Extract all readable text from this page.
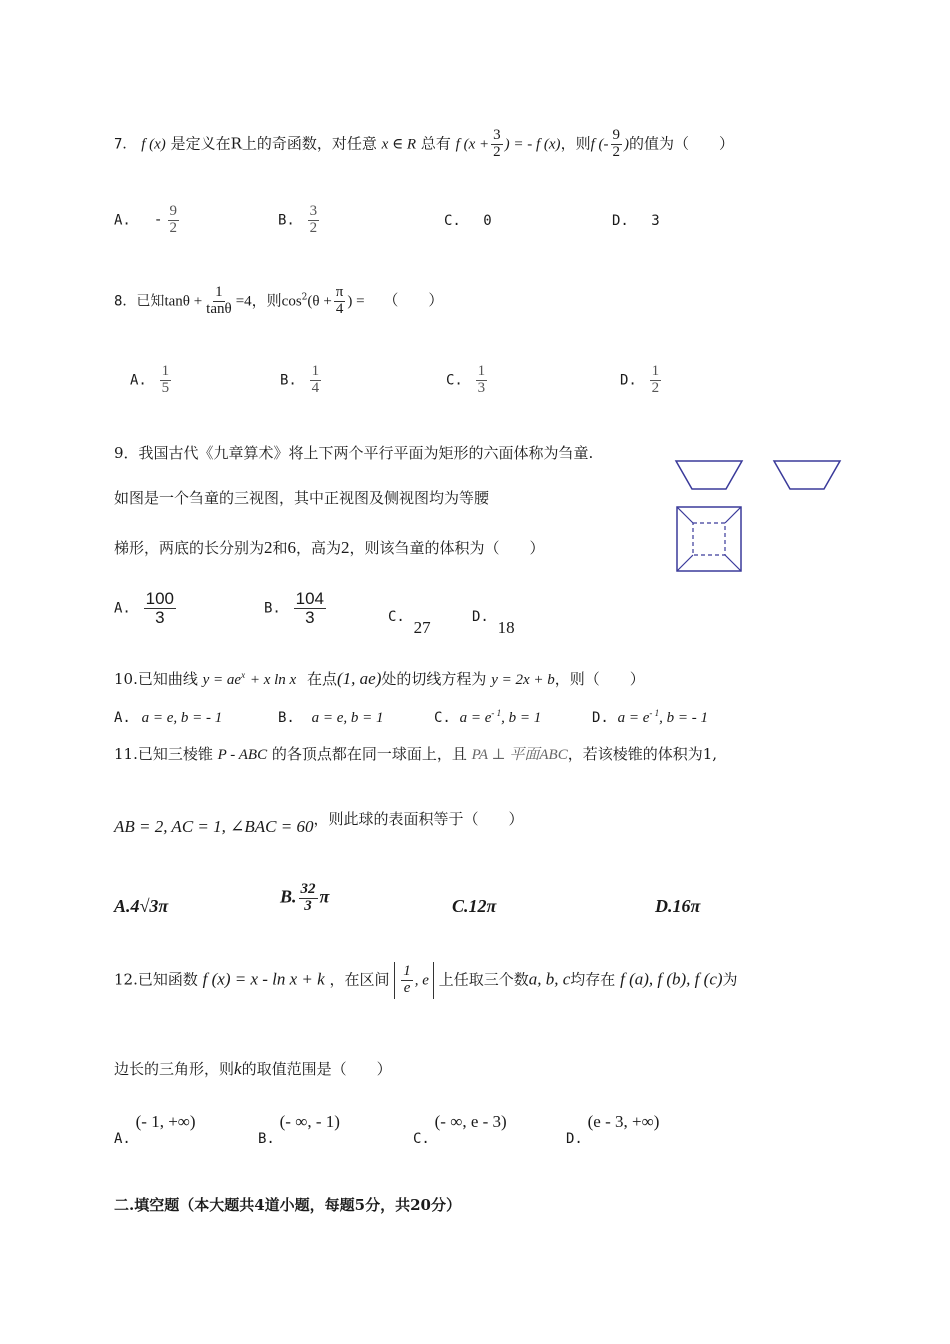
7． f (x) 是定义在R上的奇函数，对任意 x ∈ R 总有 f ($x + \frac{3}{2}$ ) = - f (x)，则f (- $\frac{9}{2}$ )的值为（　　）
A. - $\frac{9}{2}$	B. $\frac{3}{2}$	C. 0	D. 3
8．已知$\tan\theta + \frac{1}{\tan\theta} =4$，则$\cos^2(\theta + \frac{\pi}{4}$ ) = （　　）
A. $\frac{1}{5}$	B. $\frac{1}{4}$	C. $\frac{1}{3}$	D. $\frac{1}{2}$
9．我国古代《九章算术》将上下两个平行平面为矩形的六面体称为刍童.
如图是一个刍童的三视图，其中正视图及侧视图均为等腰
梯形，两底的长分别为2和6，高为2，则该刍童的体积为（　　）
A. $\frac{100}{3}$	B. $\frac{104}{3}$	C. 27
D. 18
10.已知曲线 $y = ae^x + x$ ln x 在点(1, ae)处的切线方程为 y = 2x + b，则（　　）
A. a = e, b = - 1	B. a = e, b = 1	C. $a = e^{- 1}$, b = 1	D. $a = e^{- 1}$, b = - 1
11.已知三棱锥 P - ABC 的各顶点都在同一球面上，且 PA ⊥ 平面ABC，若该棱锥的体积为1,
AB = 2, AC = 1, ∠BAC = 60，则此球的表面积等于（　　）
A.4√3π	B. $\frac{32}{3}$ π	C.12π	D.16π
12.已知函数 f (x) = x - ln x + k ，在区间 $\frac{1}{e}$ , e 上任取三个数a, b, c均存在 f (a), f (b), f (c)为
边长的三角形，则k的取值范围是（　　）
A. (- 1, +∞)
B. (- ∞, - 1)
C. (- ∞, e - 3)
D. (e - 3, +∞)
二.填空题（本大题共4道小题，每题5分，共20分）
